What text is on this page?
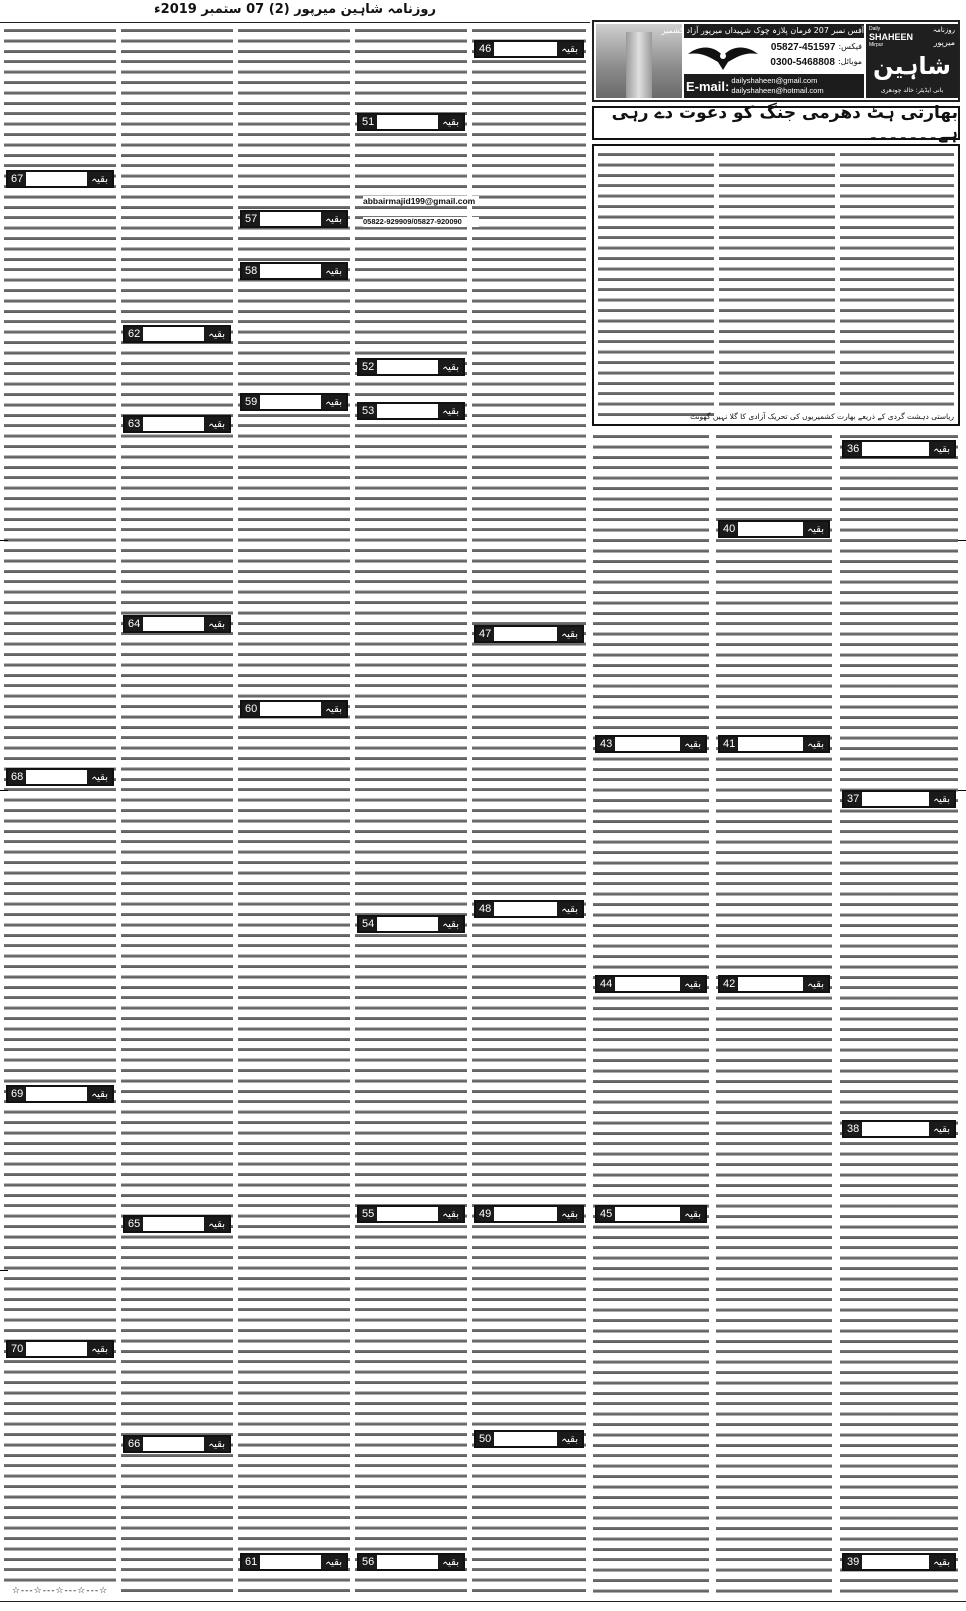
روزنامہ شاہین میرپور (2) 07 ستمبر 2019ء
آفس نمبر 207 فرمان پلازہ چوک شہیداں میرپور آزاد کشمیر
فیکس:
05827-451597
موبائل:
0300-5468808
E-mail: dailyshaheen@gmail.com
dailyshaheen@hotmail.com
Daily
SHAHEEN
Mirpur
روزنامہ
میرپور
شاہین
بانی ایڈیٹر: خالد چودھری
بھارتی ہٹ دھرمی جنگ کو دعوت دے رہی ہے۔۔۔۔۔۔۔
ریاستی دہشت گردی کے ذریعے بھارت کشمیریوں کی تحریک آزادی کا گلا نہیں گھونٹ
67	بقیہ
68	بقیہ
69	بقیہ
70	بقیہ
62	بقیہ
63	بقیہ
64	بقیہ
65	بقیہ
66	بقیہ
57	بقیہ
58	بقیہ
59	بقیہ
60	بقیہ
61	بقیہ
51	بقیہ
52	بقیہ
53	بقیہ
54	بقیہ
55	بقیہ
56	بقیہ
46	بقیہ
47	بقیہ
48	بقیہ
49	بقیہ
50	بقیہ
43	بقیہ
44	بقیہ
45	بقیہ
40	بقیہ
41	بقیہ
42	بقیہ
36	بقیہ
37	بقیہ
38	بقیہ
39	بقیہ
abbairmajid199@gmail.com
05822-929909/05827-920090
☆---☆---☆---☆---☆
